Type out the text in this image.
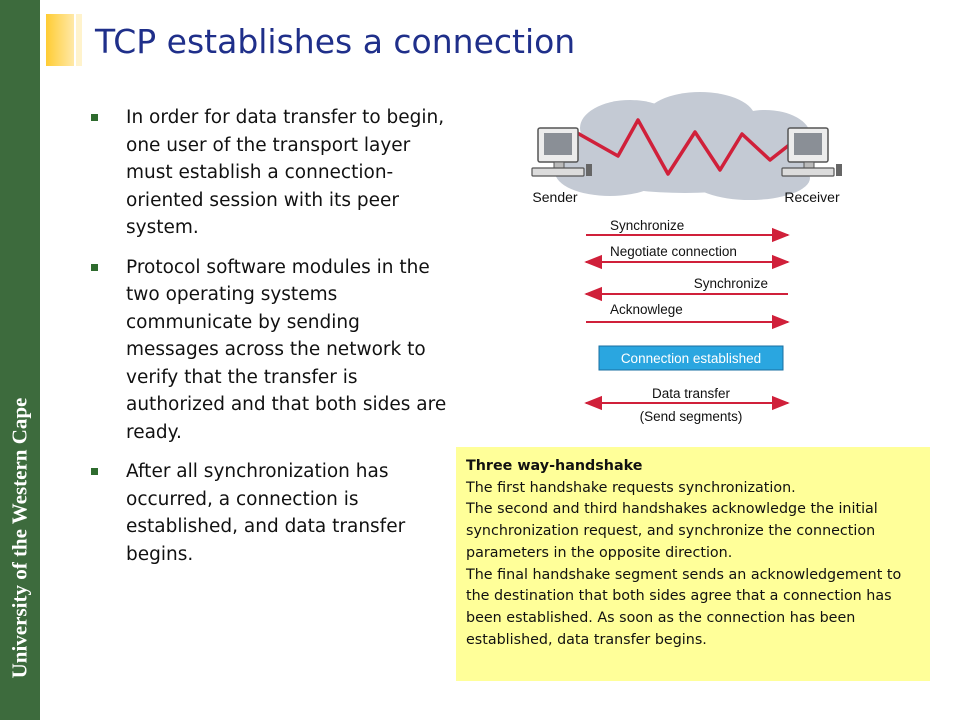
University of the Western Cape
TCP establishes a connection
In order for data transfer to begin, one user of the transport layer must establish a connection-oriented session with its peer system.
Protocol software modules in the two operating systems communicate by sending messages across the network to verify that the transfer is authorized and that both sides are ready.
After all synchronization has occurred, a connection is established, and data transfer begins.
Sender	Receiver
Synchronize
Negotiate connection
Synchronize
Acknowlege
Connection established
Data transfer
(Send segments)
Three way-handshake
The first handshake requests synchronization.
The second and third handshakes acknowledge the initial synchronization request, and synchronize the connection parameters in the opposite direction.
The final handshake segment sends an acknowledgement to the destination that both sides agree that a connection has been established. As soon as the connection has been established, data transfer begins.
